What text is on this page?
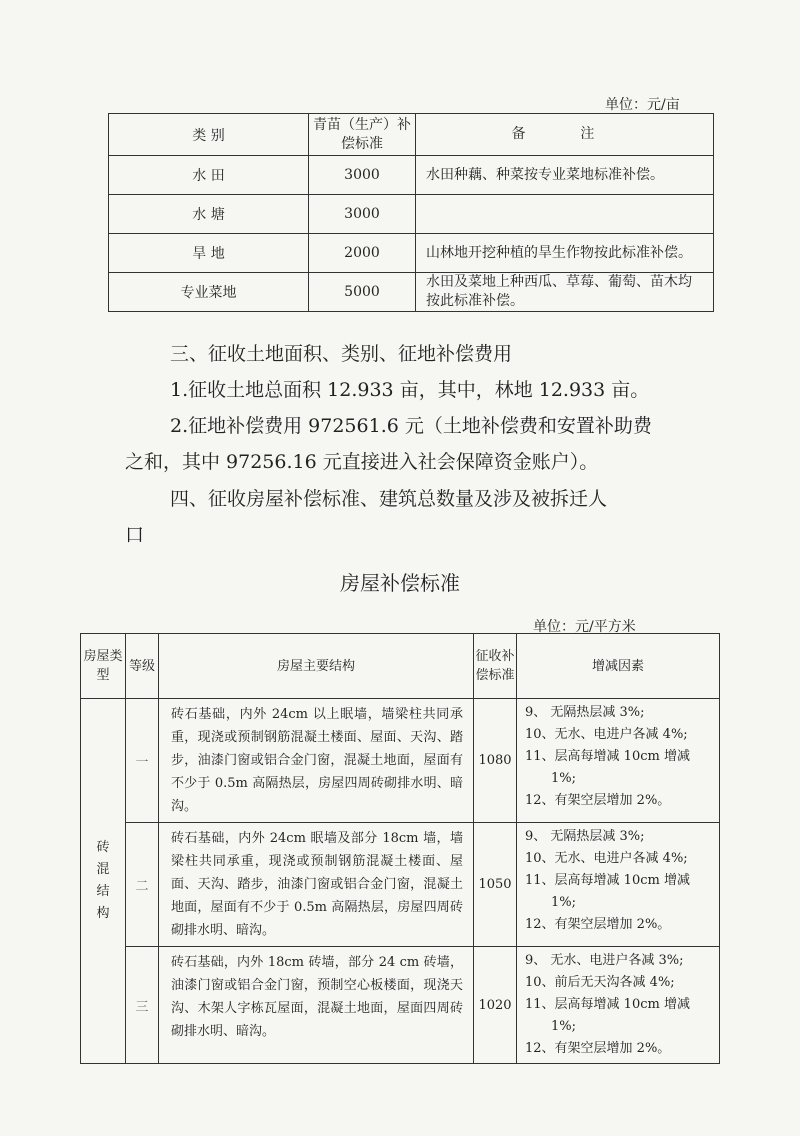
单位：元/亩
类 别	青苗（生产）补偿标准	备 注
水 田	3000	水田种藕、种菜按专业菜地标准补偿。
水 塘	3000	
旱 地	2000	山林地开挖种植的旱生作物按此标准补偿。
专业菜地	5000	水田及菜地上种西瓜、草莓、葡萄、苗木均按此标准补偿。
三、征收土地面积、类别、征地补偿费用
1.征收土地总面积 12.933 亩，其中，林地 12.933 亩。
2.征地补偿费用 972561.6 元（土地补偿费和安置补助费
之和，其中 97256.16 元直接进入社会保障资金账户）。
四、征收房屋补偿标准、建筑总数量及涉及被拆迁人
口
房屋补偿标准
单位：元/平方米
房屋类型	等级	房屋主要结构	征收补偿标准	增减因素
砖混结构	一	砖石基础，内外 24cm 以上眠墙，墙梁柱共同承重，现浇或预制钢筋混凝土楼面、屋面、天沟、踏步，油漆门窗或铝合金门窗，混凝土地面，屋面有不少于 0.5m 高隔热层，房屋四周砖砌排水明、暗沟。	1080	9、 无隔热层减 3%;
10、无水、电进户各减 4%;
11、层高每增减 10cm 增减
1%;
12、有架空层增加 2%。

	二	砖石基础，内外 24cm 眠墙及部分 18cm 墙，墙梁柱共同承重，现浇或预制钢筋混凝土楼面、屋面、天沟、踏步，油漆门窗或铝合金门窗，混凝土地面，屋面有不少于 0.5m 高隔热层，房屋四周砖砌排水明、暗沟。	1050	9、 无隔热层减 3%;
10、无水、电进户各减 4%;
11、层高每增减 10cm 增减
1%;
12、有架空层增加 2%。

	三	砖石基础，内外 18cm 砖墙，部分 24 cm 砖墙，油漆门窗或铝合金门窗，预制空心板楼面，现浇天沟、木架人字栋瓦屋面，混凝土地面，屋面四周砖砌排水明、暗沟。	1020	9、 无水、电进户各减 3%;
10、前后无天沟各减 4%;
11、层高每增减 10cm 增减
1%;
12、有架空层增加 2%。
